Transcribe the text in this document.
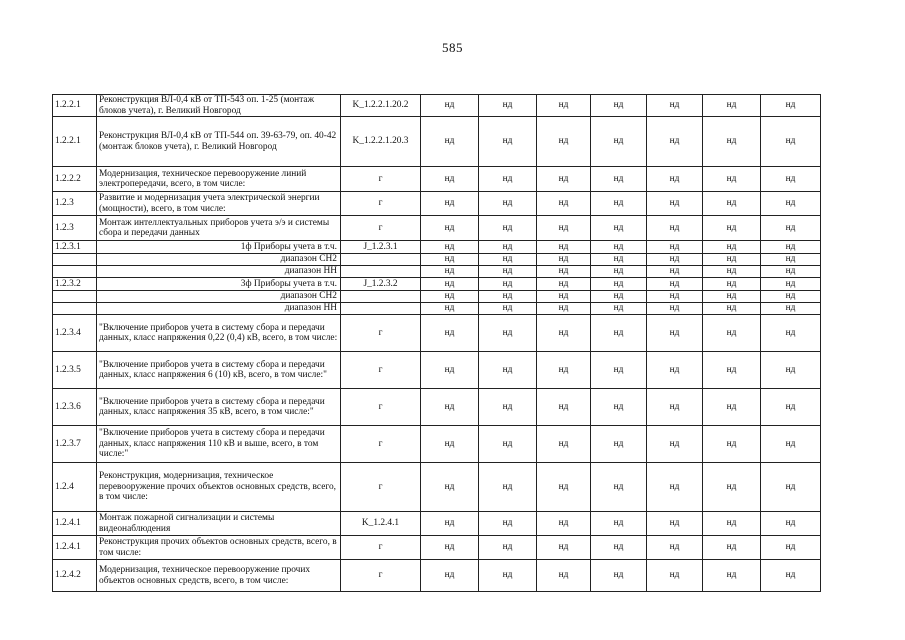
585
1.2.2.1	Реконструкция ВЛ-0,4 кВ от ТП-543 оп. 1-25 (монтаж блоков учета), г. Великий Новгород	K_1.2.2.1.20.2	нд	нд	нд	нд	нд	нд	нд
1.2.2.1	Реконструкция ВЛ-0,4 кВ от ТП-544 оп. 39-63-79, оп. 40-42 (монтаж блоков учета), г. Великий Новгород	K_1.2.2.1.20.3	нд	нд	нд	нд	нд	нд	нд
1.2.2.2	Модернизация, техническое перевооружение линий электропередачи, всего, в том числе:	г	нд	нд	нд	нд	нд	нд	нд
1.2.3	Развитие и модернизация учета электрической энергии (мощности), всего, в том числе:	г	нд	нд	нд	нд	нд	нд	нд
1.2.3	Монтаж интеллектуальных приборов учета э/э и системы сбора и передачи данных	г	нд	нд	нд	нд	нд	нд	нд
1.2.3.1	1ф Приборы учета в т.ч.	J_1.2.3.1	нд	нд	нд	нд	нд	нд	нд
	диапазон СН2		нд	нд	нд	нд	нд	нд	нд
	диапазон НН		нд	нд	нд	нд	нд	нд	нд
1.2.3.2	3ф Приборы учета в т.ч.	J_1.2.3.2	нд	нд	нд	нд	нд	нд	нд
	диапазон СН2		нд	нд	нд	нд	нд	нд	нд
	диапазон НН		нд	нд	нд	нд	нд	нд	нд
1.2.3.4	"Включение приборов учета в систему сбора и передачи данных, класс напряжения 0,22 (0,4) кВ, всего, в том числе:	г	нд	нд	нд	нд	нд	нд	нд
1.2.3.5	"Включение приборов учета в систему сбора и передачи данных, класс напряжения 6 (10) кВ, всего, в том числе:"	г	нд	нд	нд	нд	нд	нд	нд
1.2.3.6	"Включение приборов учета в систему сбора и передачи данных, класс напряжения 35 кВ, всего, в том числе:"	г	нд	нд	нд	нд	нд	нд	нд
1.2.3.7	"Включение приборов учета в систему сбора и передачи данных, класс напряжения 110 кВ и выше, всего, в том числе:"	г	нд	нд	нд	нд	нд	нд	нд
1.2.4	Реконструкция, модернизация, техническое перевооружение прочих объектов основных средств, всего, в том числе:	г	нд	нд	нд	нд	нд	нд	нд
1.2.4.1	Монтаж пожарной сигнализации и системы видеонаблюдения	K_1.2.4.1	нд	нд	нд	нд	нд	нд	нд
1.2.4.1	Реконструкция прочих объектов основных средств, всего, в том числе:	г	нд	нд	нд	нд	нд	нд	нд
1.2.4.2	Модернизация, техническое перевооружение прочих объектов основных средств, всего, в том числе:	г	нд	нд	нд	нд	нд	нд	нд
